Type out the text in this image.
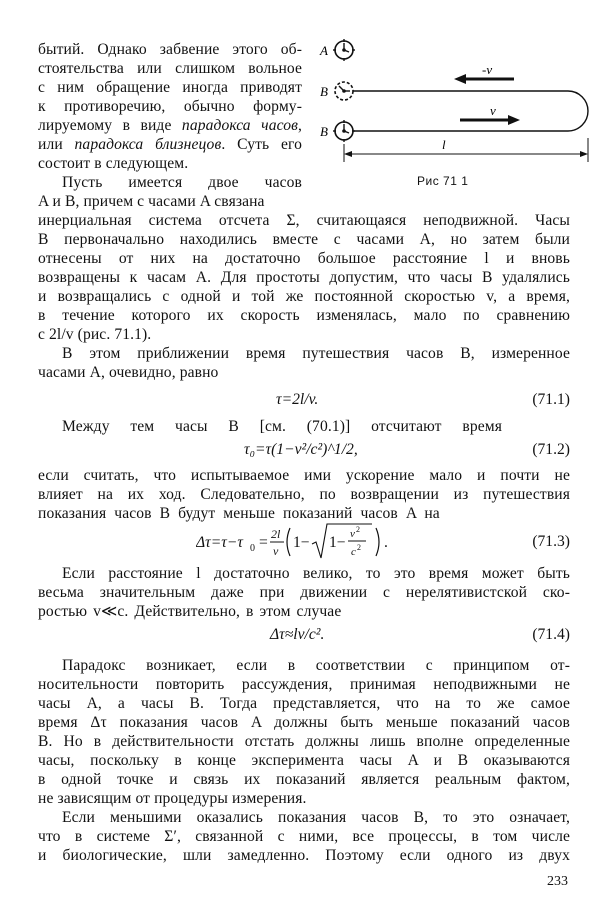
A
B
B
-v
v
l
Рис 71 1
бытий. Однако забвение этого об-
стоятельства или слишком вольное
с ним обращение иногда приводят
к противоречию, обычно форму-
лируемому в виде парадокса часов,
или парадокса близнецов. Суть его
состоит в следующем.
Пусть имеется двое часов
A и B, причем с часами A связана
инерциальная система отсчета Σ, считающаяся неподвижной. Часы
B первоначально находились вместе с часами A, но затем были
отнесены от них на достаточно большое расстояние l и вновь
возвращены к часам A. Для простоты допустим, что часы B удалялись
и возвращались с одной и той же постоянной скоростью v, а время,
в течение которого их скорость изменялась, мало по сравнению
с 2l/v (рис. 71.1).
В этом приближении время путешествия часов B, измеренное
часами A, очевидно, равно
τ=2l/v.	(71.1)
Между тем часы B [см. (70.1)] отсчитают время
τ₀=τ(1−v²/c²)^1/2,	(71.2)
если считать, что испытываемое ими ускорение мало и почти не
влияет на их ход. Следовательно, по возвращении из путешествия
показания часов B будут меньше показаний часов A на
Δτ=τ−τ 0 = 2l
v 1− 1− v 2
c 2 .	(71.3)
Если расстояние l достаточно велико, то это время может быть
весьма значительным даже при движении с нерелятивистской ско-
ростью v≪c. Действительно, в этом случае
Δτ≈lv/c².	(71.4)
Парадокс возникает, если в соответствии с принципом от-
носительности повторить рассуждения, принимая неподвижными не
часы A, а часы B. Тогда представляется, что на то же самое
время Δτ показания часов A должны быть меньше показаний часов
B. Но в действительности отстать должны лишь вполне определенные
часы, поскольку в конце эксперимента часы A и B оказываются
в одной точке и связь их показаний является реальным фактом,
не зависящим от процедуры измерения.
Если меньшими оказались показания часов B, то это означает,
что в системе Σ′, связанной с ними, все процессы, в том числе
и биологические, шли замедленно. Поэтому если одного из двух
233
